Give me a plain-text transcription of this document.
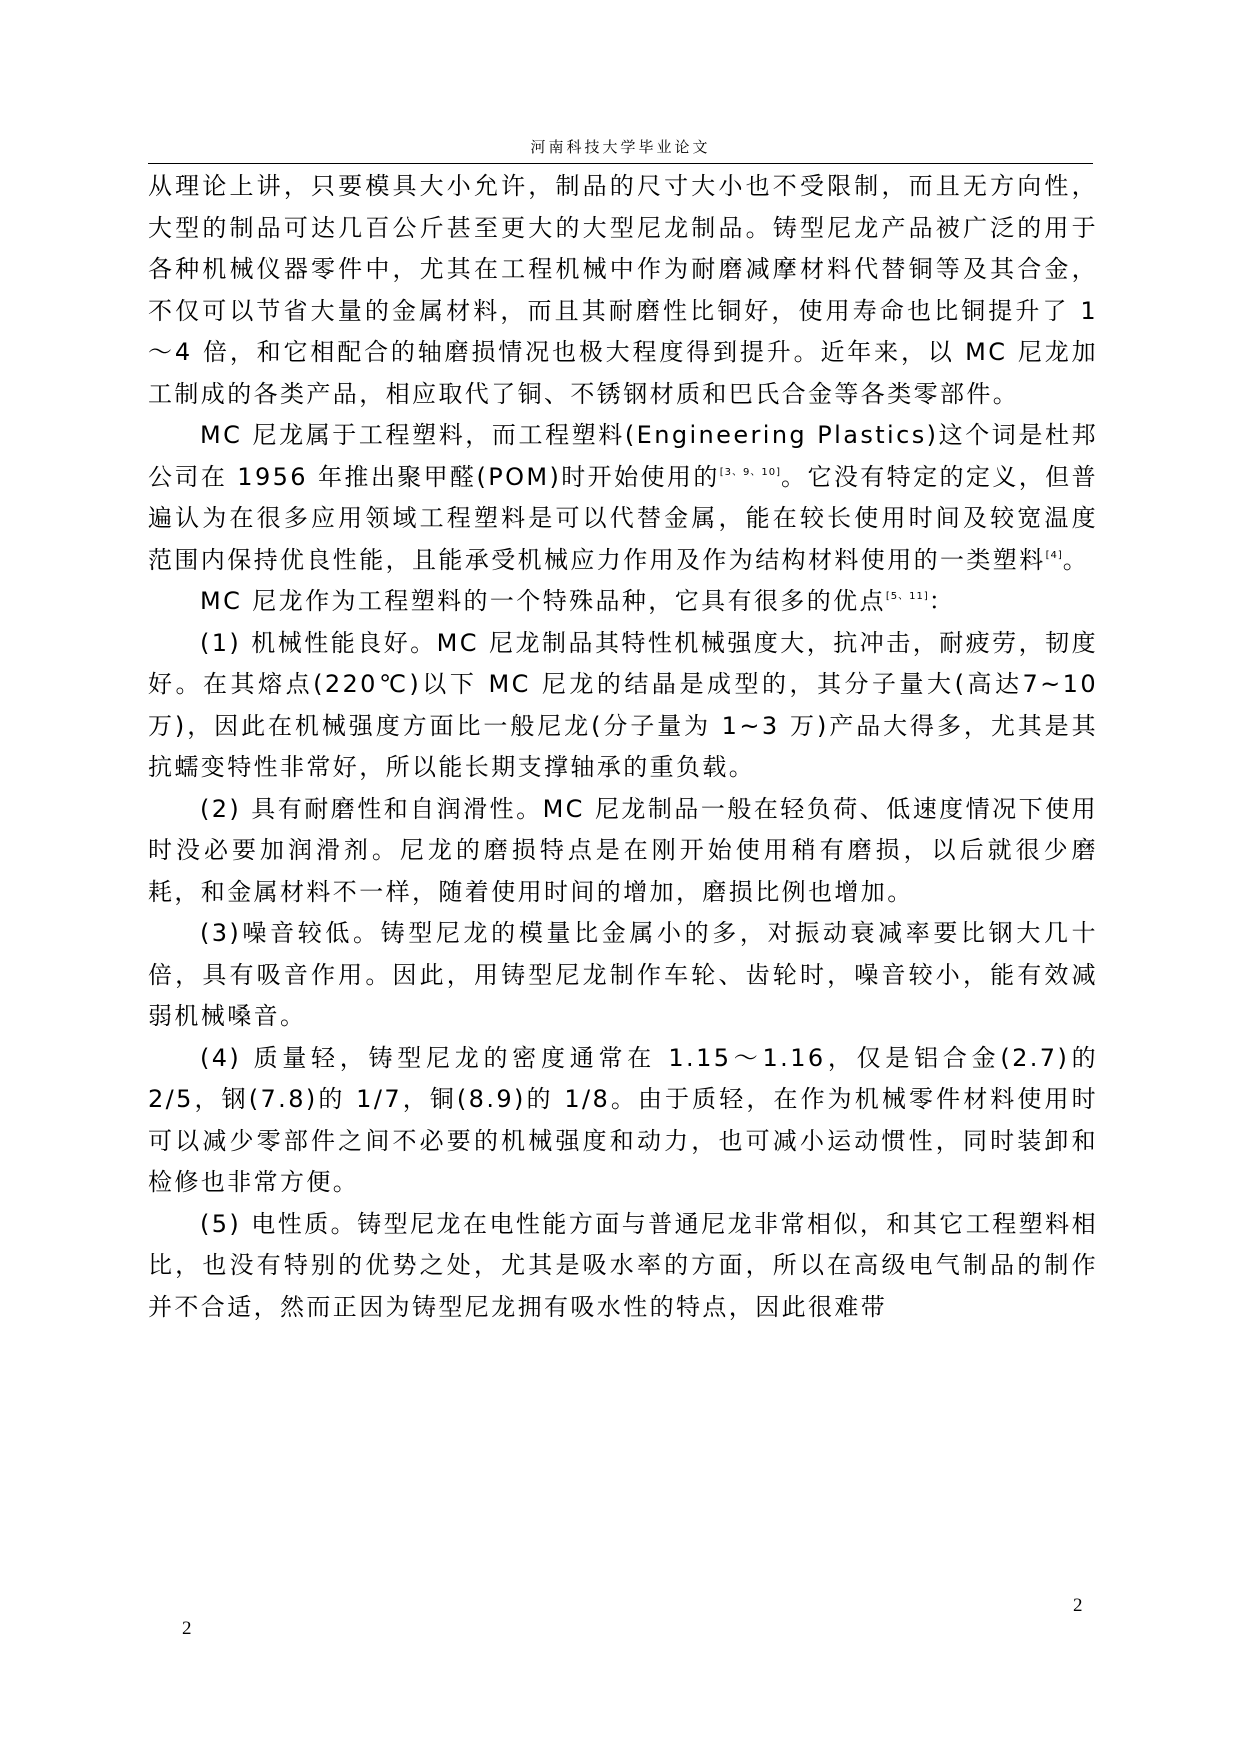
河南科技大学毕业论文

从理论上讲，只要模具大小允许，制品的尺寸大小也不受限制，而且无方向性，大型的制品可达几百公斤甚至更大的大型尼龙制品。铸型尼龙产品被广泛的用于各种机械仪器零件中，尤其在工程机械中作为耐磨减摩材料代替铜等及其合金，不仅可以节省大量的金属材料，而且其耐磨性比铜好，使用寿命也比铜提升了 1～4 倍，和它相配合的轴磨损情况也极大程度得到提升。近年来，以 MC 尼龙加工制成的各类产品，相应取代了铜、不锈钢材质和巴氏合金等各类零部件。

MC 尼龙属于工程塑料，而工程塑料(Engineering Plastics)这个词是杜邦公司在 1956 年推出聚甲醛(POM)时开始使用的[3、9、10]。它没有特定的定义，但普遍认为在很多应用领域工程塑料是可以代替金属，能在较长使用时间及较宽温度范围内保持优良性能，且能承受机械应力作用及作为结构材料使用的一类塑料[4]。

MC 尼龙作为工程塑料的一个特殊品种，它具有很多的优点[5、11]：

(1) 机械性能良好。MC 尼龙制品其特性机械强度大，抗冲击，耐疲劳，韧度好。在其熔点(220℃)以下 MC 尼龙的结晶是成型的，其分子量大(高达7~10 万)，因此在机械强度方面比一般尼龙(分子量为 1~3 万)产品大得多，尤其是其抗蠕变特性非常好，所以能长期支撑轴承的重负载。

(2) 具有耐磨性和自润滑性。MC 尼龙制品一般在轻负荷、低速度情况下使用时没必要加润滑剂。尼龙的磨损特点是在刚开始使用稍有磨损，以后就很少磨耗，和金属材料不一样，随着使用时间的增加，磨损比例也增加。

(3)噪音较低。铸型尼龙的模量比金属小的多，对振动衰减率要比钢大几十倍，具有吸音作用。因此，用铸型尼龙制作车轮、齿轮时，噪音较小，能有效减弱机械嗓音。

(4) 质量轻，铸型尼龙的密度通常在 1.15～1.16，仅是铝合金(2.7)的2/5，钢(7.8)的 1/7，铜(8.9)的 1/8。由于质轻，在作为机械零件材料使用时可以减少零部件之间不必要的机械强度和动力，也可减小运动惯性，同时装卸和检修也非常方便。

(5) 电性质。铸型尼龙在电性能方面与普通尼龙非常相似，和其它工程塑料相比，也没有特别的优势之处，尤其是吸水率的方面，所以在高级电气制品的制作并不合适，然而正因为铸型尼龙拥有吸水性的特点，因此很难带

2
2
